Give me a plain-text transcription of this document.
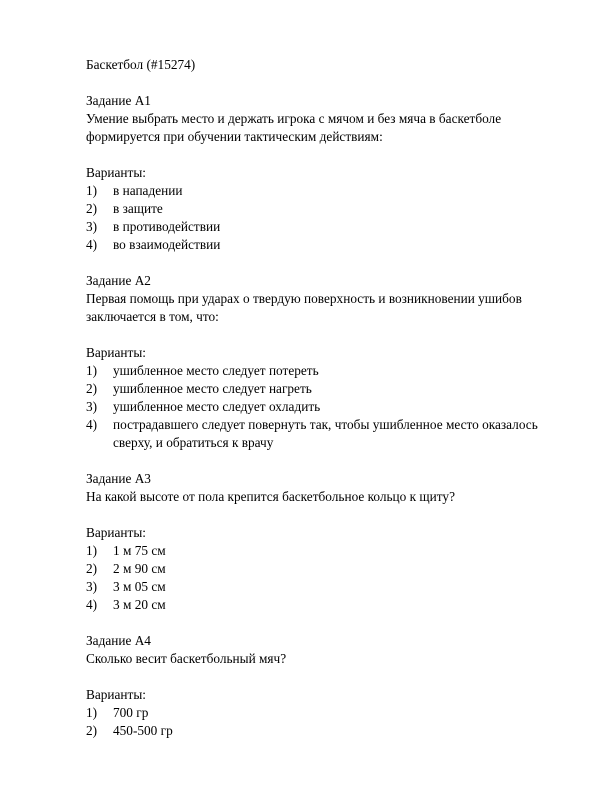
Баскетбол (#15274)
Задание А1
Умение выбрать место и держать игрока с мячом и без мяча в баскетболе формируется при обучении тактическим действиям:
Варианты:
1) в нападении
2) в защите
3) в противодействии
4) во взаимодействии
Задание А2
Первая помощь при ударах о твердую поверхность и возникновении ушибов заключается в том, что:
Варианты:
1) ушибленное место следует потереть
2) ушибленное место следует нагреть
3) ушибленное место следует охладить
4) пострадавшего следует повернуть так, чтобы ушибленное место оказалось сверху, и обратиться к врачу
Задание А3
На какой высоте от пола крепится баскетбольное кольцо к щиту?
Варианты:
1) 1 м 75 см
2) 2 м 90 см
3) 3 м 05 см
4) 3 м 20 см
Задание А4
Сколько весит баскетбольный мяч?
Варианты:
1) 700 гр
2) 450-500 гр
